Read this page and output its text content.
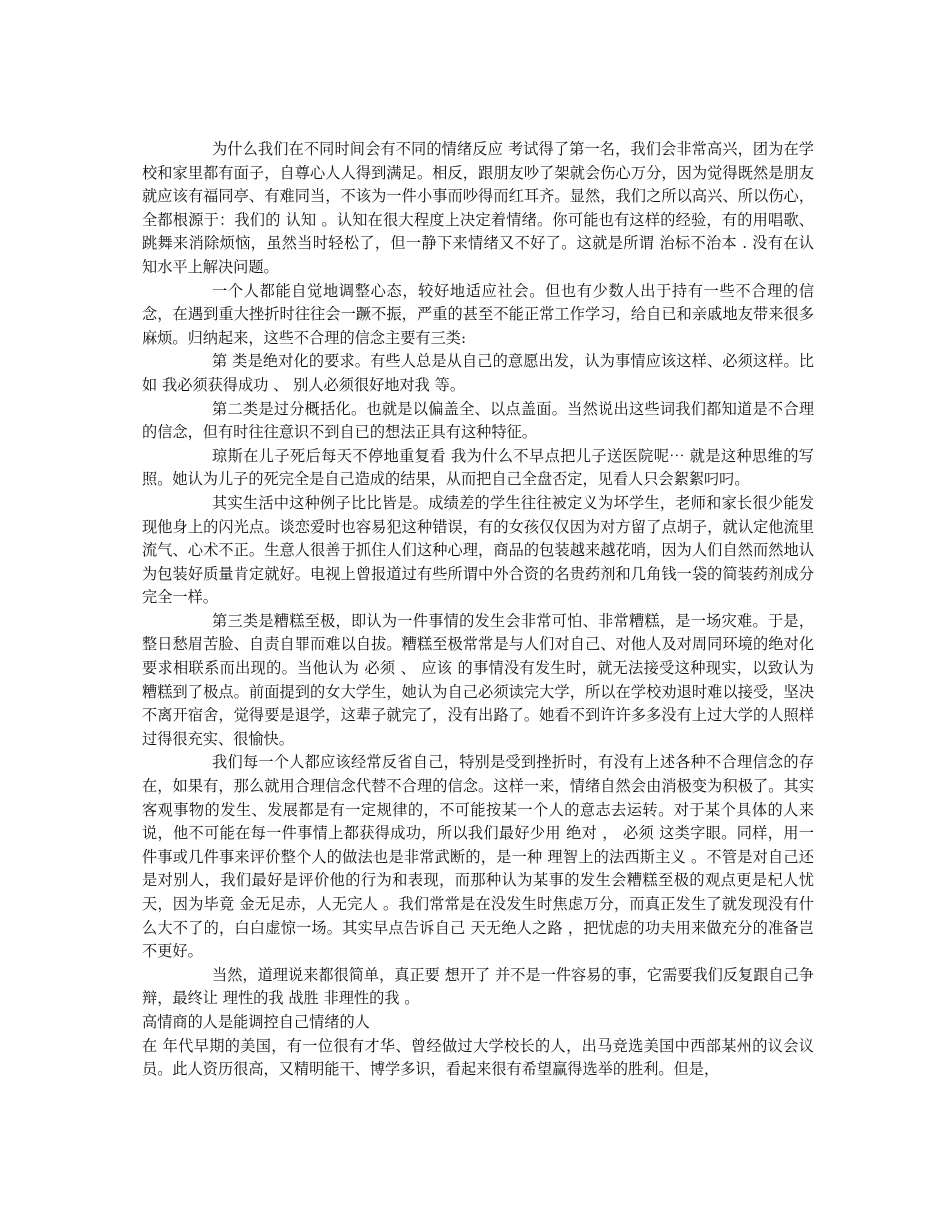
为什么我们在不同时间会有不同的情绪反应 考试得了第一名，我们会非常高兴，团为在学校和家里都有面子，自尊心人人得到满足。相反，跟朋友吵了架就会伤心万分，因为觉得既然是朋友就应该有福同亭、有难同当，不该为一件小事而吵得而红耳齐。显然，我们之所以高兴、所以伤心，全都根源于：我们的 认知 。认知在很大程度上决定着情绪。你可能也有这样的经验，有的用唱歌、跳舞来消除烦恼，虽然当时轻松了，但一静下来情绪又不好了。这就是所谓 治标不治本 . 没有在认知水平上解决问题。

一个人都能自觉地调整心态，较好地适应社会。但也有少数人出于持有一些不合理的信念，在遇到重大挫折时往往会一蹶不振，严重的甚至不能正常工作学习，给自已和亲戚地友带来很多麻烦。归纳起来，这些不合理的信念主要有三类:

第 类是绝对化的要求。有些人总是从自己的意愿出发，认为事情应该这样、必须这样。比如 我必须获得成功 、 别人必须很好地对我 等。

第二类是过分概括化。也就是以偏盖全、以点盖面。当然说出这些词我们都知道是不合理的信念，但有时往往意识不到自已的想法正具有这种特征。

琼斯在儿子死后每天不停地重复看 我为什么不早点把儿子送医院呢⋯ 就是这种思维的写照。她认为儿子的死完全是自己造成的结果，从而把自己全盘否定，见看人只会絮絮叼叼。

其实生活中这种例子比比皆是。成绩差的学生往往被定义为坏学生，老师和家长很少能发现他身上的闪光点。谈恋爱时也容易犯这种错误，有的女孩仅仅因为对方留了点胡子，就认定他流里流气、心术不正。生意人很善于抓住人们这种心理，商品的包装越来越花哨，因为人们自然而然地认为包装好质量肯定就好。电视上曾报道过有些所谓中外合资的名贵药剂和几角钱一袋的简装药剂成分完全一样。

第三类是糟糕至极，即认为一件事情的发生会非常可怕、非常糟糕，是一场灾难。于是，整日愁眉苦脸、自责自罪而难以自拔。糟糕至极常常是与人们对自己、对他人及对周同环境的绝对化要求相联系而出现的。当他认为 必须 、 应该 的事情没有发生时，就无法接受这种现实，以致认为糟糕到了极点。前面提到的女大学生，她认为自己必须读完大学，所以在学校劝退时难以接受，坚决不离开宿舍，觉得要是退学，这辈子就完了，没有出路了。她看不到许许多多没有上过大学的人照样过得很充实、很愉快。

我们每一个人都应该经常反省自己，特别是受到挫折时，有没有上述各种不合理信念的存在，如果有，那么就用合理信念代替不合理的信念。这样一来，情绪自然会由消极变为积极了。其实客观事物的发生、发展都是有一定规律的，不可能按某一个人的意志去运转。对于某个具体的人来说，他不可能在每一件事情上都获得成功，所以我们最好少用 绝对 ， 必须 这类字眼。同样，用一件事或几件事来评价整个人的做法也是非常武断的，是一种 理智上的法西斯主义 。不管是对自己还是对别人，我们最好是评价他的行为和表现，而那种认为某事的发生会糟糕至极的观点更是杞人忧天，因为毕竟 金无足赤，人无完人 。我们常常是在没发生时焦虑万分，而真正发生了就发现没有什么大不了的，白白虚惊一场。其实早点告诉自己 天无绝人之路 ，把忧虑的功夫用来做充分的准备岂不更好。

当然，道理说来都很简单，真正要 想开了 并不是一件容易的事，它需要我们反复跟自己争辩，最终让 理性的我 战胜 非理性的我 。

高情商的人是能调控自己情绪的人

在 年代早期的美国，有一位很有才华、曾经做过大学校长的人，出马竞选美国中西部某州的议会议员。此人资历很高，又精明能干、博学多识，看起来很有希望赢得选举的胜利。但是，
